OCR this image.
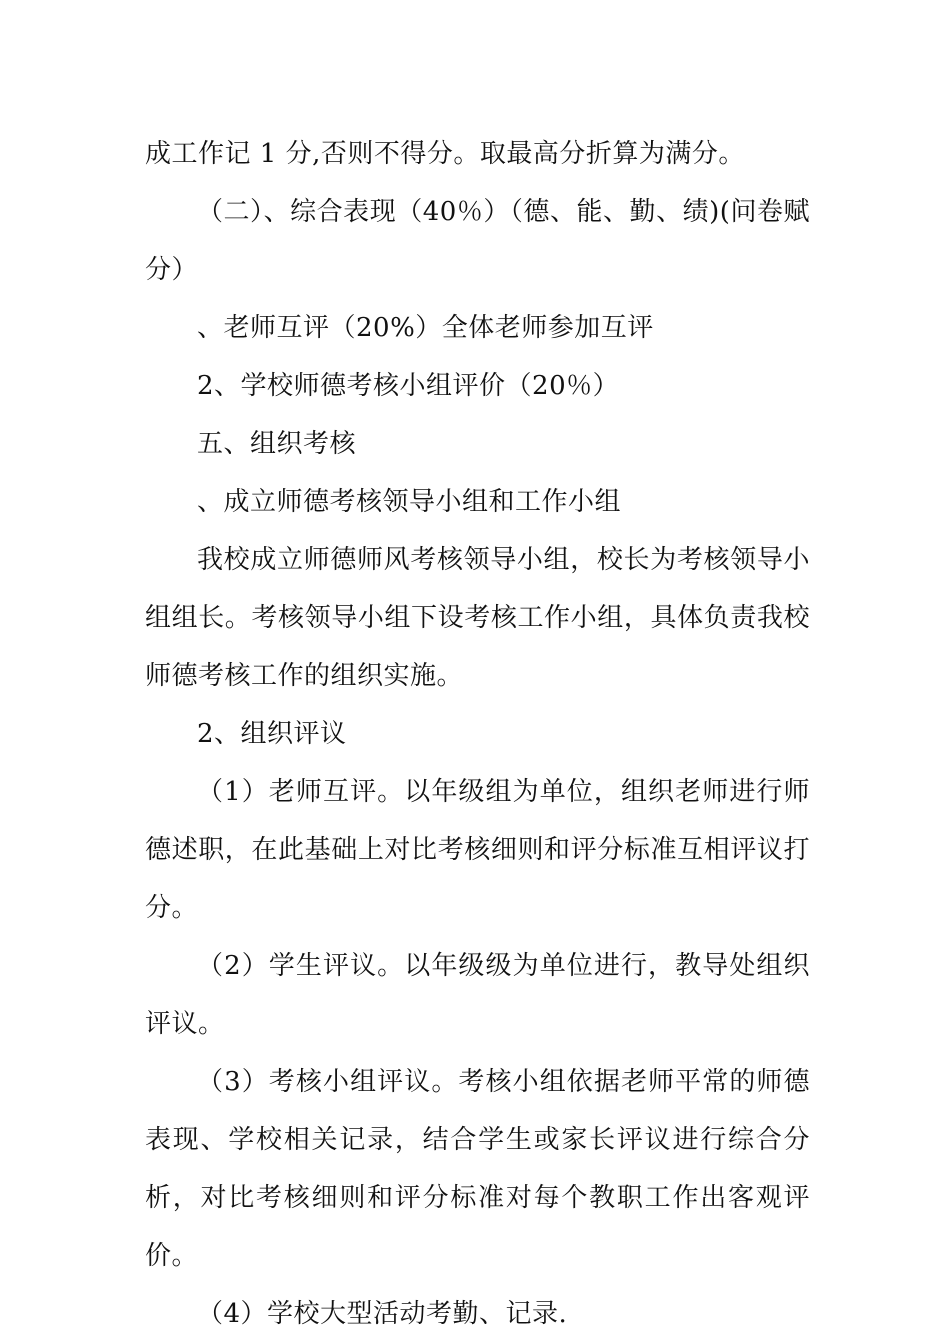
成工作记 1 分,否则不得分。取最高分折算为满分。

（二）、综合表现（40％）（德、能、勤、绩)(问卷赋分）

、老师互评（20%）全体老师参加互评

2、学校师德考核小组评价（20％）

五、组织考核

、成立师德考核领导小组和工作小组

我校成立师德师风考核领导小组，校长为考核领导小组组长。考核领导小组下设考核工作小组，具体负责我校师德考核工作的组织实施。

2、组织评议

（1）老师互评。以年级组为单位，组织老师进行师德述职，在此基础上对比考核细则和评分标准互相评议打分。

（2）学生评议。以年级级为单位进行，教导处组织评议。

（3）考核小组评议。考核小组依据老师平常的师德表现、学校相关记录，结合学生或家长评议进行综合分析，对比考核细则和评分标准对每个教职工作出客观评价。

（4）学校大型活动考勤、记录.
